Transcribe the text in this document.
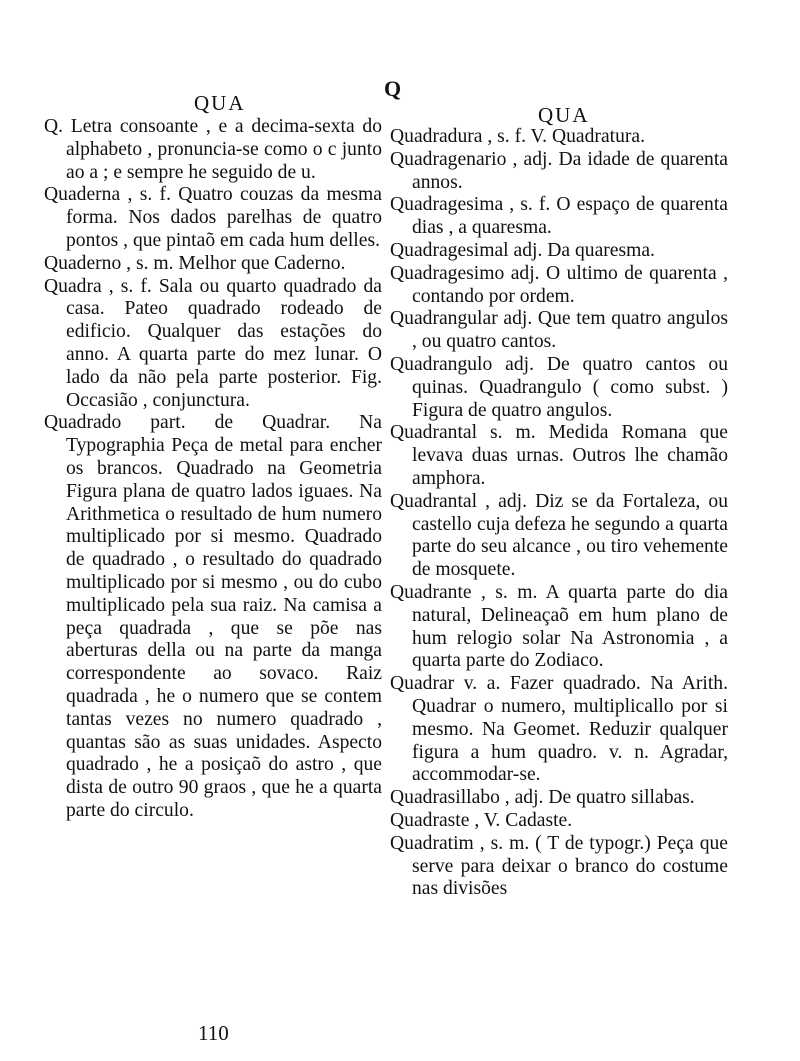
Q
QUA

Q. Letra consoante , e a decima-sexta do alphabeto , pronuncia-se como o c junto ao a ; e sempre he seguido de u.

Quaderna , s. f. Quatro couzas da mesma forma. Nos dados parelhas de quatro pontos , que pintaõ em cada hum delles.

Quaderno , s. m. Melhor que Caderno.

Quadra , s. f. Sala ou quarto quadrado da casa. Pateo quadrado rodeado de edificio. Qualquer das estações do anno. A quarta parte do mez lunar. O lado da não pela parte posterior. Fig. Occasião , conjunctura.

Quadrado part. de Quadrar. Na Typographia Peça de metal para encher os brancos. Quadrado na Geometria Figura plana de quatro lados iguaes. Na Arithmetica o resultado de hum numero multiplicado por si mesmo. Quadrado de quadrado , o resultado do quadrado multiplicado por si mesmo , ou do cubo multiplicado pela sua raiz. Na camisa a peça quadrada , que se põe nas aberturas della ou na parte da manga correspondente ao sovaco. Raiz quadrada , he o numero que se contem tantas vezes no numero quadrado , quantas são as suas unidades. Aspecto quadrado , he a posiçaõ do astro , que dista de outro 90 graos , que he a quarta parte do circulo.

QUA

Quadradura , s. f. V. Quadratura.

Quadragenario , adj. Da idade de quarenta annos.

Quadragesima , s. f. O espaço de quarenta dias , a quaresma.

Quadragesimal adj. Da quaresma.

Quadragesimo adj. O ultimo de quarenta , contando por ordem.

Quadrangular adj. Que tem quatro angulos , ou quatro cantos.

Quadrangulo adj. De quatro cantos ou quinas. Quadrangulo ( como subst. ) Figura de quatro angulos.

Quadrantal s. m. Medida Romana que levava duas urnas. Outros lhe chamão amphora.

Quadrantal , adj. Diz se da Fortaleza, ou castello cuja defeza he segundo a quarta parte do seu alcance , ou tiro vehemente de mosquete.

Quadrante , s. m. A quarta parte do dia natural, Delineaçaõ em hum plano de hum relogio solar Na Astronomia , a quarta parte do Zodiaco.

Quadrar v. a. Fazer quadrado. Na Arith. Quadrar o numero, multiplicallo por si mesmo. Na Geomet. Reduzir qualquer figura a hum quadro. v. n. Agradar, accommodar-se.

Quadrasillabo , adj. De quatro sillabas.

Quadraste , V. Cadaste.

Quadratim , s. m. ( T de typogr.) Peça que serve para deixar o branco do costume nas divisões

110
